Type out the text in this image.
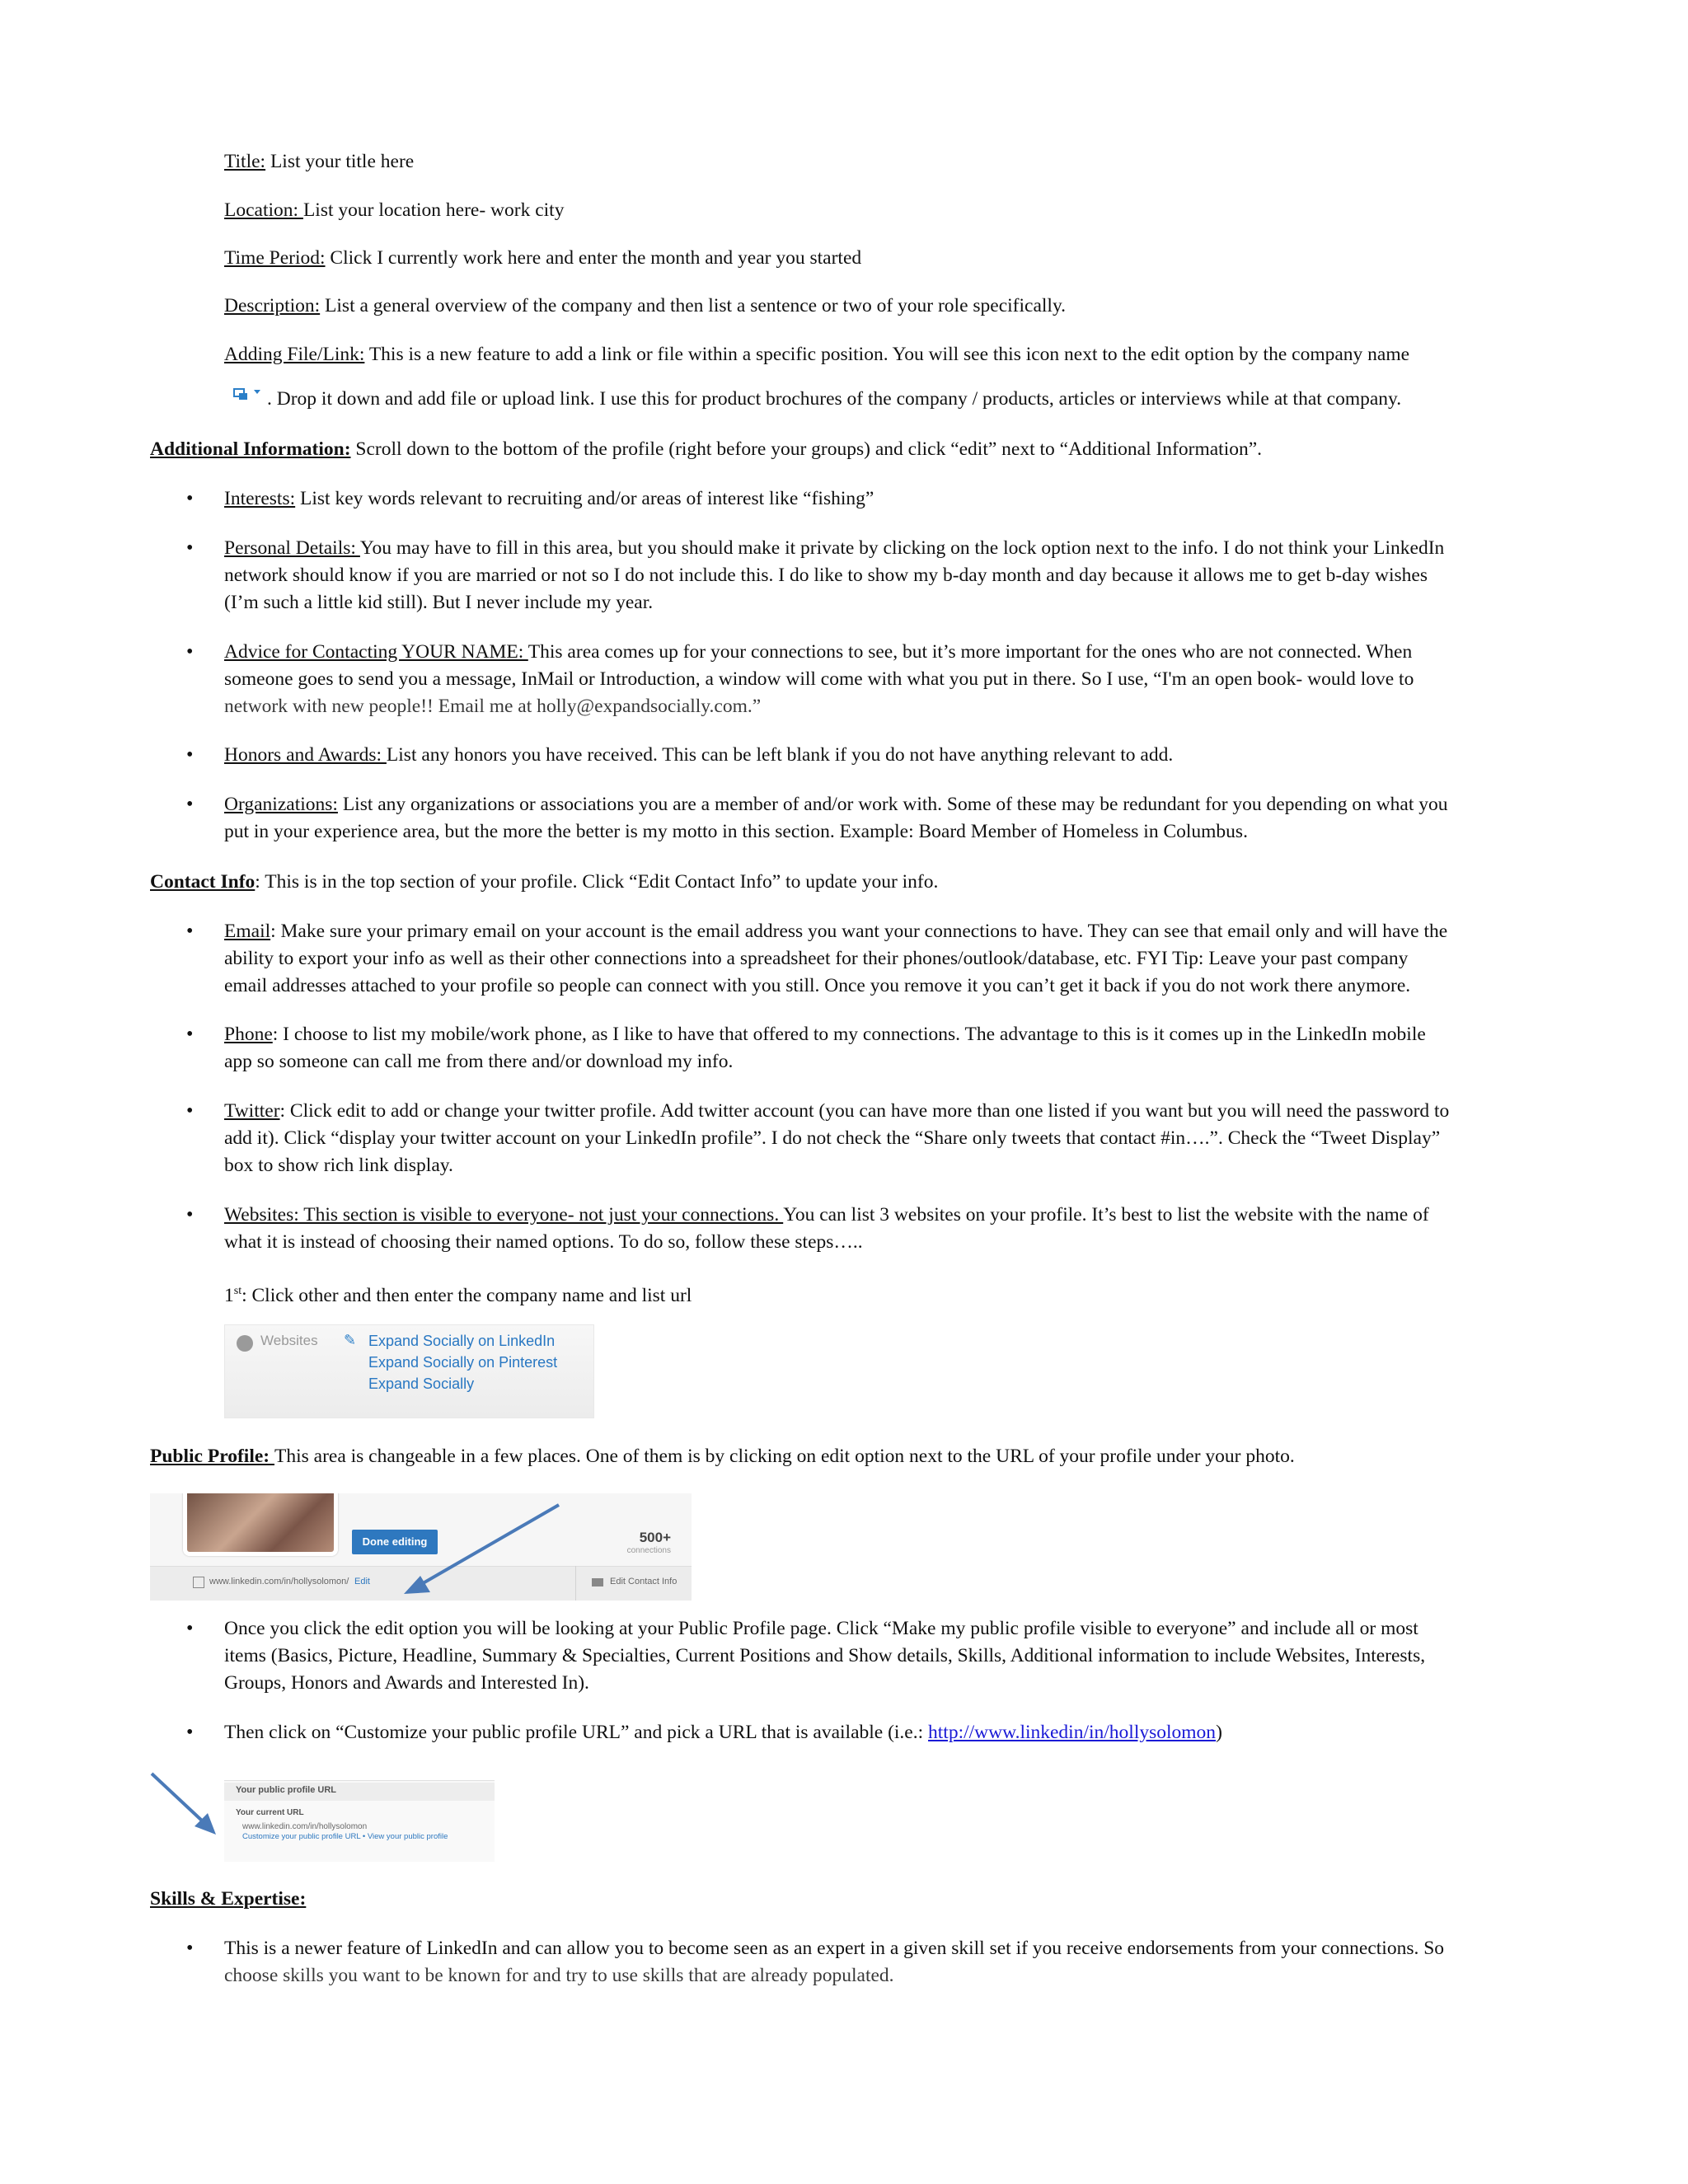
Title: List your title here
Location: List your location here- work city
Time Period: Click I currently work here and enter the month and year you started
Description: List a general overview of the company and then list a sentence or two of your role specifically.
Adding File/Link: This is a new feature to add a link or file within a specific position. You will see this icon next to the edit option by the company name
. Drop it down and add file or upload link. I use this for product brochures of the company / products, articles or interviews while at that company.
Additional Information: Scroll down to the bottom of the profile (right before your groups) and click “edit” next to “Additional Information”.
• Interests: List key words relevant to recruiting and/or areas of interest like “fishing”
• Personal Details: You may have to fill in this area, but you should make it private by clicking on the lock option next to the info. I do not think your LinkedIn
network should know if you are married or not so I do not include this. I do like to show my b-day month and day because it allows me to get b-day wishes
(I’m such a little kid still). But I never include my year.
• Advice for Contacting YOUR NAME: This area comes up for your connections to see, but it’s more important for the ones who are not connected. When
someone goes to send you a message, InMail or Introduction, a window will come with what you put in there. So I use, “I'm an open book- would love to
network with new people!! Email me at holly@expandsocially.com.”
• Honors and Awards: List any honors you have received. This can be left blank if you do not have anything relevant to add.
• Organizations: List any organizations or associations you are a member of and/or work with. Some of these may be redundant for you depending on what you
put in your experience area, but the more the better is my motto in this section. Example: Board Member of Homeless in Columbus.
Contact Info: This is in the top section of your profile. Click “Edit Contact Info” to update your info.
• Email: Make sure your primary email on your account is the email address you want your connections to have. They can see that email only and will have the
ability to export your info as well as their other connections into a spreadsheet for their phones/outlook/database, etc. FYI Tip: Leave your past company
email addresses attached to your profile so people can connect with you still. Once you remove it you can’t get it back if you do not work there anymore.
• Phone: I choose to list my mobile/work phone, as I like to have that offered to my connections. The advantage to this is it comes up in the LinkedIn mobile
app so someone can call me from there and/or download my info.
• Twitter: Click edit to add or change your twitter profile. Add twitter account (you can have more than one listed if you want but you will need the password to
add it). Click “display your twitter account on your LinkedIn profile”. I do not check the “Share only tweets that contact #in….”. Check the “Tweet Display”
box to show rich link display.
• Websites: This section is visible to everyone- not just your connections. You can list 3 websites on your profile. It’s best to list the website with the name of
what it is instead of choosing their named options. To do so, follow these steps…..
1st: Click other and then enter the company name and list url
Websites ✎ Expand Socially on LinkedIn
Expand Socially on Pinterest
Expand Socially
Public Profile: This area is changeable in a few places. One of them is by clicking on edit option next to the URL of your profile under your photo.
Done editing	500+
connections
www.linkedin.com/in/hollysolomon/ Edit	Edit Contact Info
• Once you click the edit option you will be looking at your Public Profile page. Click “Make my public profile visible to everyone” and include all or most
items (Basics, Picture, Headline, Summary & Specialties, Current Positions and Show details, Skills, Additional information to include Websites, Interests,
Groups, Honors and Awards and Interested In).
• Then click on “Customize your public profile URL” and pick a URL that is available (i.e.: http://www.linkedin/in/hollysolomon)
Your public profile URL
Your current URL
www.linkedin.com/in/hollysolomon
Customize your public profile URL • View your public profile
Skills & Expertise:
• This is a newer feature of LinkedIn and can allow you to become seen as an expert in a given skill set if you receive endorsements from your connections. So
choose skills you want to be known for and try to use skills that are already populated.
